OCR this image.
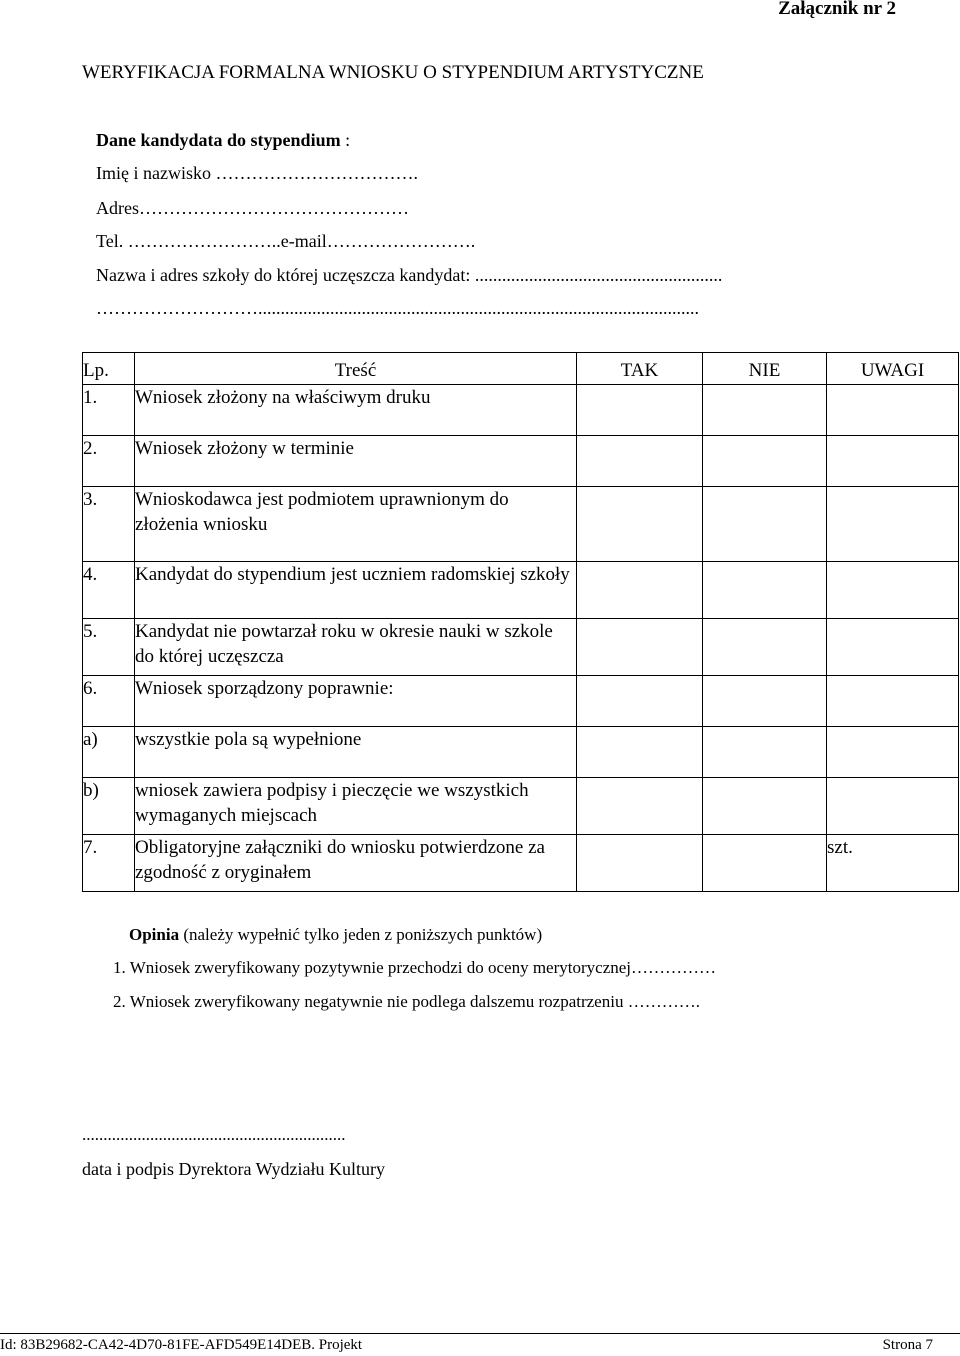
Załącznik nr 2
WERYFIKACJA FORMALNA WNIOSKU O STYPENDIUM ARTYSTYCZNE
Dane kandydata do stypendium :
Imię i nazwisko …………………………….
Adres………………………………………
Tel. ……………………..e-mail…………………….
Nazwa i adres szkoły do której uczęszcza kandydat: .......................................................
………………………..................................................................................................
Lp.	Treść	TAK	NIE	UWAGI
1.	Wniosek złożony na właściwym druku			
2.	Wniosek złożony w terminie			
3.	Wnioskodawca jest podmiotem uprawnionym do złożenia wniosku			
4.	Kandydat do stypendium jest uczniem radomskiej szkoły			
5.	Kandydat nie powtarzał roku w okresie nauki w szkole do której uczęszcza			
6.	Wniosek sporządzony poprawnie:			
a)	wszystkie pola są wypełnione			
b)	wniosek zawiera podpisy i pieczęcie we wszystkich wymaganych miejscach			
7.	Obligatoryjne załączniki do wniosku potwierdzone za zgodność z oryginałem			szt.
Opinia (należy wypełnić tylko jeden z poniższych punktów)
1. Wniosek zweryfikowany pozytywnie przechodzi do oceny merytorycznej……………
2. Wniosek zweryfikowany negatywnie nie podlega dalszemu rozpatrzeniu ………….
..............................................................
data i podpis Dyrektora Wydziału Kultury
Id: 83B29682-CA42-4D70-81FE-AFD549E14DEB. Projekt	Strona 7
